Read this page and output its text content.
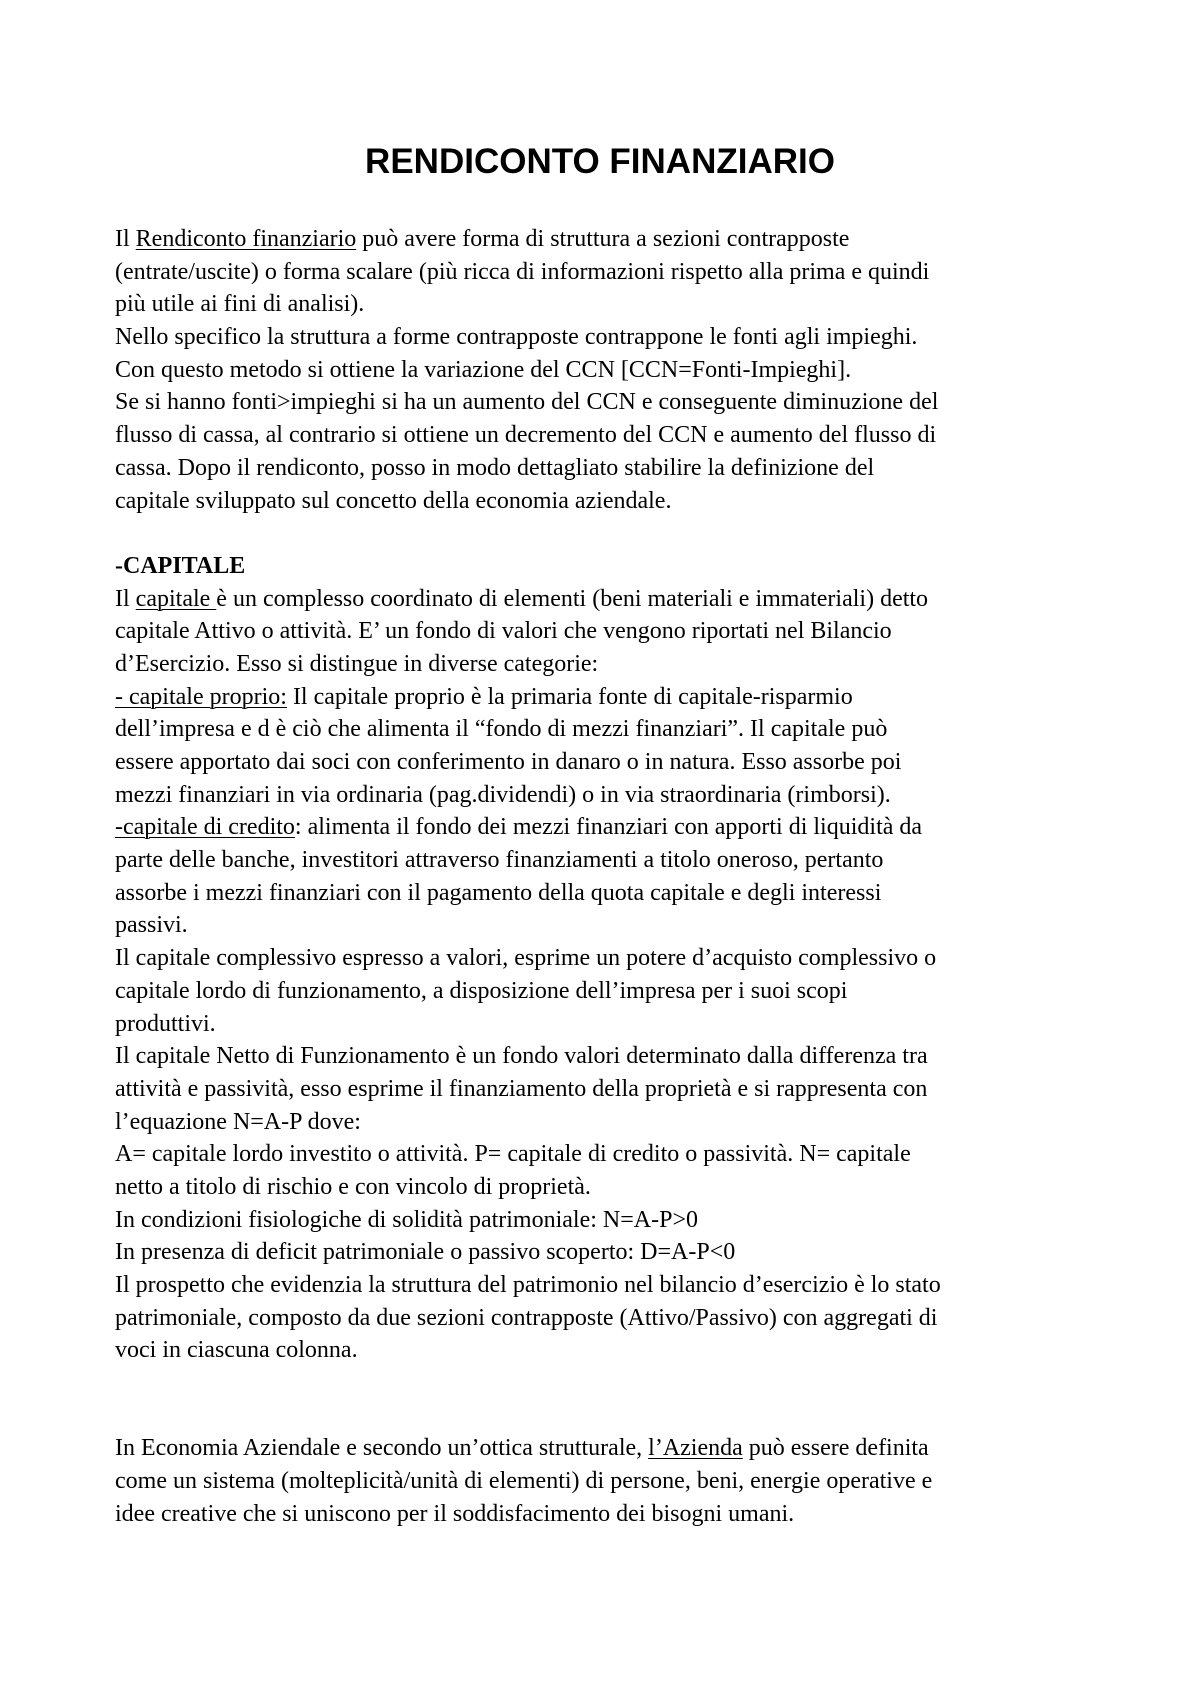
RENDICONTO FINANZIARIO
Il Rendiconto finanziario può avere forma di struttura a sezioni contrapposte
(entrate/uscite) o forma scalare (più ricca di informazioni rispetto alla prima e quindi
più utile ai fini di analisi).
Nello specifico la struttura a forme contrapposte contrappone le fonti agli impieghi.
Con questo metodo si ottiene la variazione del CCN [CCN=Fonti-Impieghi].
Se si hanno fonti>impieghi si ha un aumento del CCN e conseguente diminuzione del
flusso di cassa, al contrario si ottiene un decremento del CCN e aumento del flusso di
cassa. Dopo il rendiconto, posso in modo dettagliato stabilire la definizione del
capitale sviluppato sul concetto della economia aziendale.
-CAPITALE
Il capitale è un complesso coordinato di elementi (beni materiali e immateriali) detto
capitale Attivo o attività. E’ un fondo di valori che vengono riportati nel Bilancio
d’Esercizio. Esso si distingue in diverse categorie:
- capitale proprio: Il capitale proprio è la primaria fonte di capitale-risparmio
dell’impresa e d è ciò che alimenta il “fondo di mezzi finanziari”. Il capitale può
essere apportato dai soci con conferimento in danaro o in natura. Esso assorbe poi
mezzi finanziari in via ordinaria (pag.dividendi) o in via straordinaria (rimborsi).
-capitale di credito: alimenta il fondo dei mezzi finanziari con apporti di liquidità da
parte delle banche, investitori attraverso finanziamenti a titolo oneroso, pertanto
assorbe i mezzi finanziari con il pagamento della quota capitale e degli interessi
passivi.
Il capitale complessivo espresso a valori, esprime un potere d’acquisto complessivo o
capitale lordo di funzionamento, a disposizione dell’impresa per i suoi scopi
produttivi.
Il capitale Netto di Funzionamento è un fondo valori determinato dalla differenza tra
attività e passività, esso esprime il finanziamento della proprietà e si rappresenta con
l’equazione N=A-P dove:
A= capitale lordo investito o attività. P= capitale di credito o passività. N= capitale
netto a titolo di rischio e con vincolo di proprietà.
In condizioni fisiologiche di solidità patrimoniale: N=A-P>0
In presenza di deficit patrimoniale o passivo scoperto: D=A-P<0
Il prospetto che evidenzia la struttura del patrimonio nel bilancio d’esercizio è lo stato
patrimoniale, composto da due sezioni contrapposte (Attivo/Passivo) con aggregati di
voci in ciascuna colonna.
In Economia Aziendale e secondo un’ottica strutturale, l’Azienda può essere definita
come un sistema (molteplicità/unità di elementi) di persone, beni, energie operative e
idee creative che si uniscono per il soddisfacimento dei bisogni umani.
